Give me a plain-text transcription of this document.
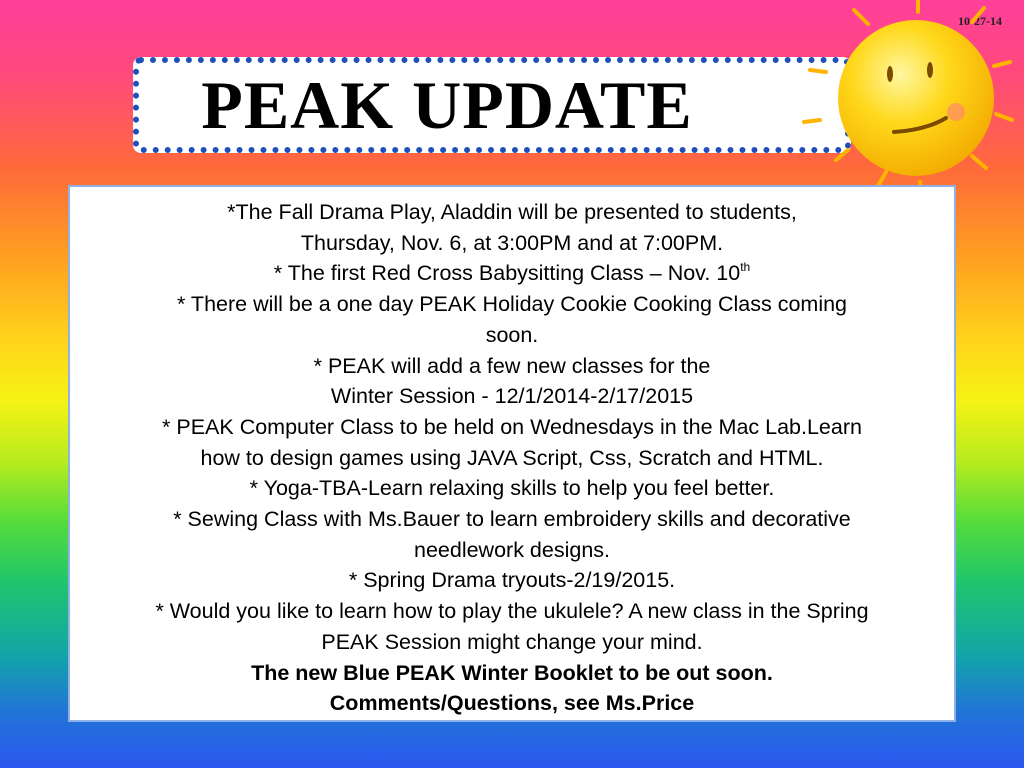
10-27-14
PEAK UPDATE

*The Fall Drama Play, Aladdin will be presented to students,

Thursday, Nov. 6, at 3:00PM and at 7:00PM.

* The first Red Cross Babysitting Class – Nov. 10th

* There will be a one day PEAK Holiday Cookie Cooking Class coming

soon.

* PEAK will add a few new classes for the

Winter Session - 12/1/2014-2/17/2015

* PEAK Computer Class to be held on Wednesdays in the Mac Lab.Learn

how to design games using JAVA Script, Css, Scratch and HTML.

* Yoga-TBA-Learn relaxing skills to help you feel better.

* Sewing Class with Ms.Bauer to learn embroidery skills and decorative

needlework designs.

* Spring Drama tryouts-2/19/2015.

* Would you like to learn how to play the ukulele? A new class in the Spring

PEAK Session might change your mind.

The new Blue PEAK Winter Booklet to be out soon.

Comments/Questions, see Ms.Price
